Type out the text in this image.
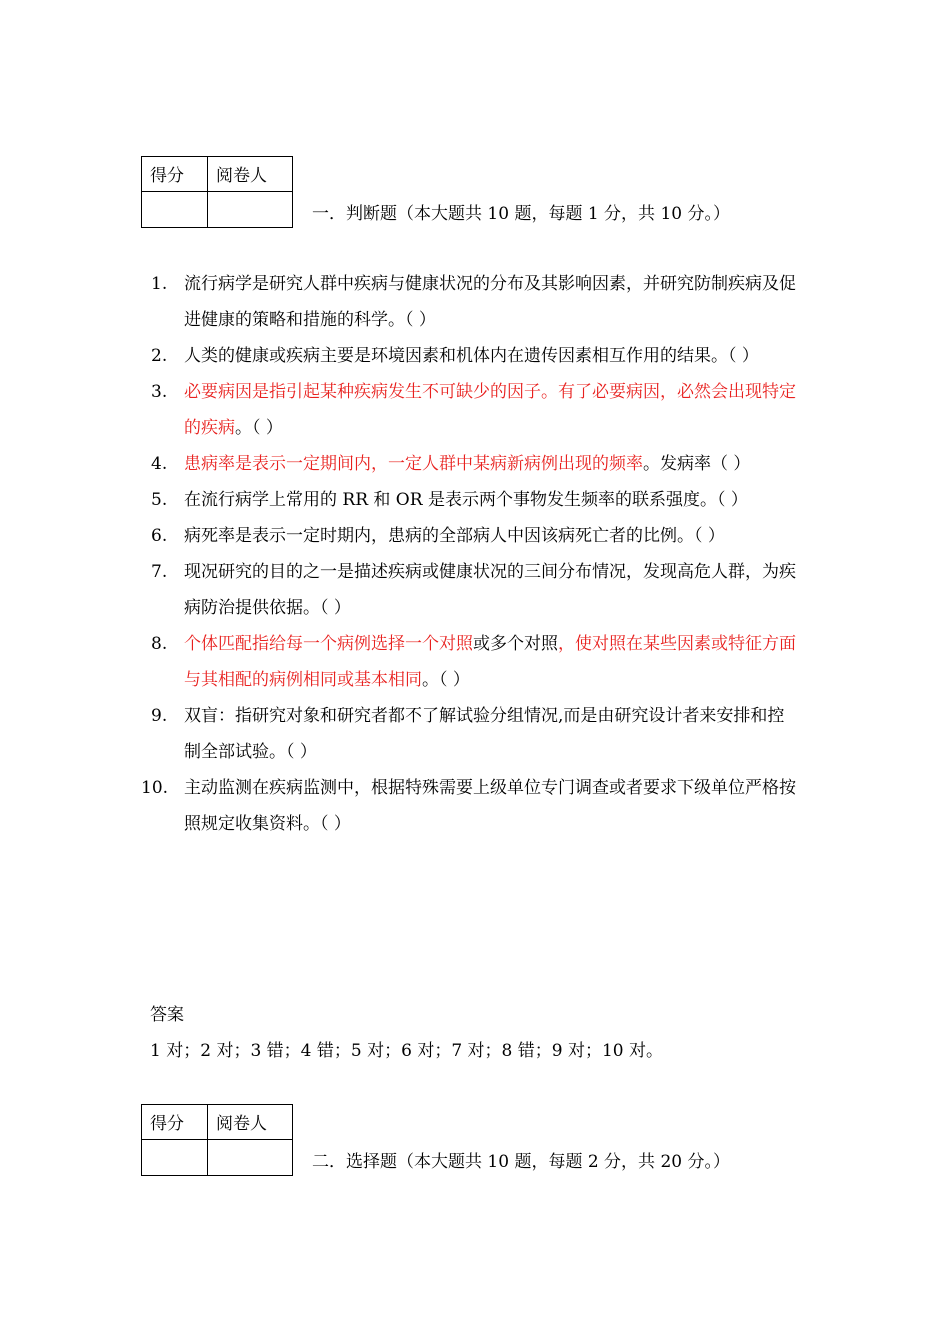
得分	阅卷人

一．判断题（本大题共 10 题，每题 1 分，共 10 分。）
1. 流行病学是研究人群中疾病与健康状况的分布及其影响因素，并研究防制疾病及促进健康的策略和措施的科学。（ ）
2. 人类的健康或疾病主要是环境因素和机体内在遗传因素相互作用的结果。（ ）
3. 必要病因是指引起某种疾病发生不可缺少的因子。有了必要病因，必然会出现特定的疾病。（ ）
4. 患病率是表示一定期间内，一定人群中某病新病例出现的频率。发病率（ ）
5. 在流行病学上常用的 RR 和 OR 是表示两个事物发生频率的联系强度。（ ）
6. 病死率是表示一定时期内，患病的全部病人中因该病死亡者的比例。（ ）
7. 现况研究的目的之一是描述疾病或健康状况的三间分布情况，发现高危人群，为疾病防治提供依据。（ ）
8. 个体匹配指给每一个病例选择一个对照或多个对照，使对照在某些因素或特征方面与其相配的病例相同或基本相同。（ ）
9. 双盲：指研究对象和研究者都不了解试验分组情况,而是由研究设计者来安排和控制全部试验。（ ）
10. 主动监测在疾病监测中，根据特殊需要上级单位专门调查或者要求下级单位严格按照规定收集资料。（ ）
答案
1 对；2 对；3 错；4 错；5 对；6 对；7 对；8 错；9 对；10 对。
得分	阅卷人

二．选择题（本大题共 10 题，每题 2 分，共 20 分。）
